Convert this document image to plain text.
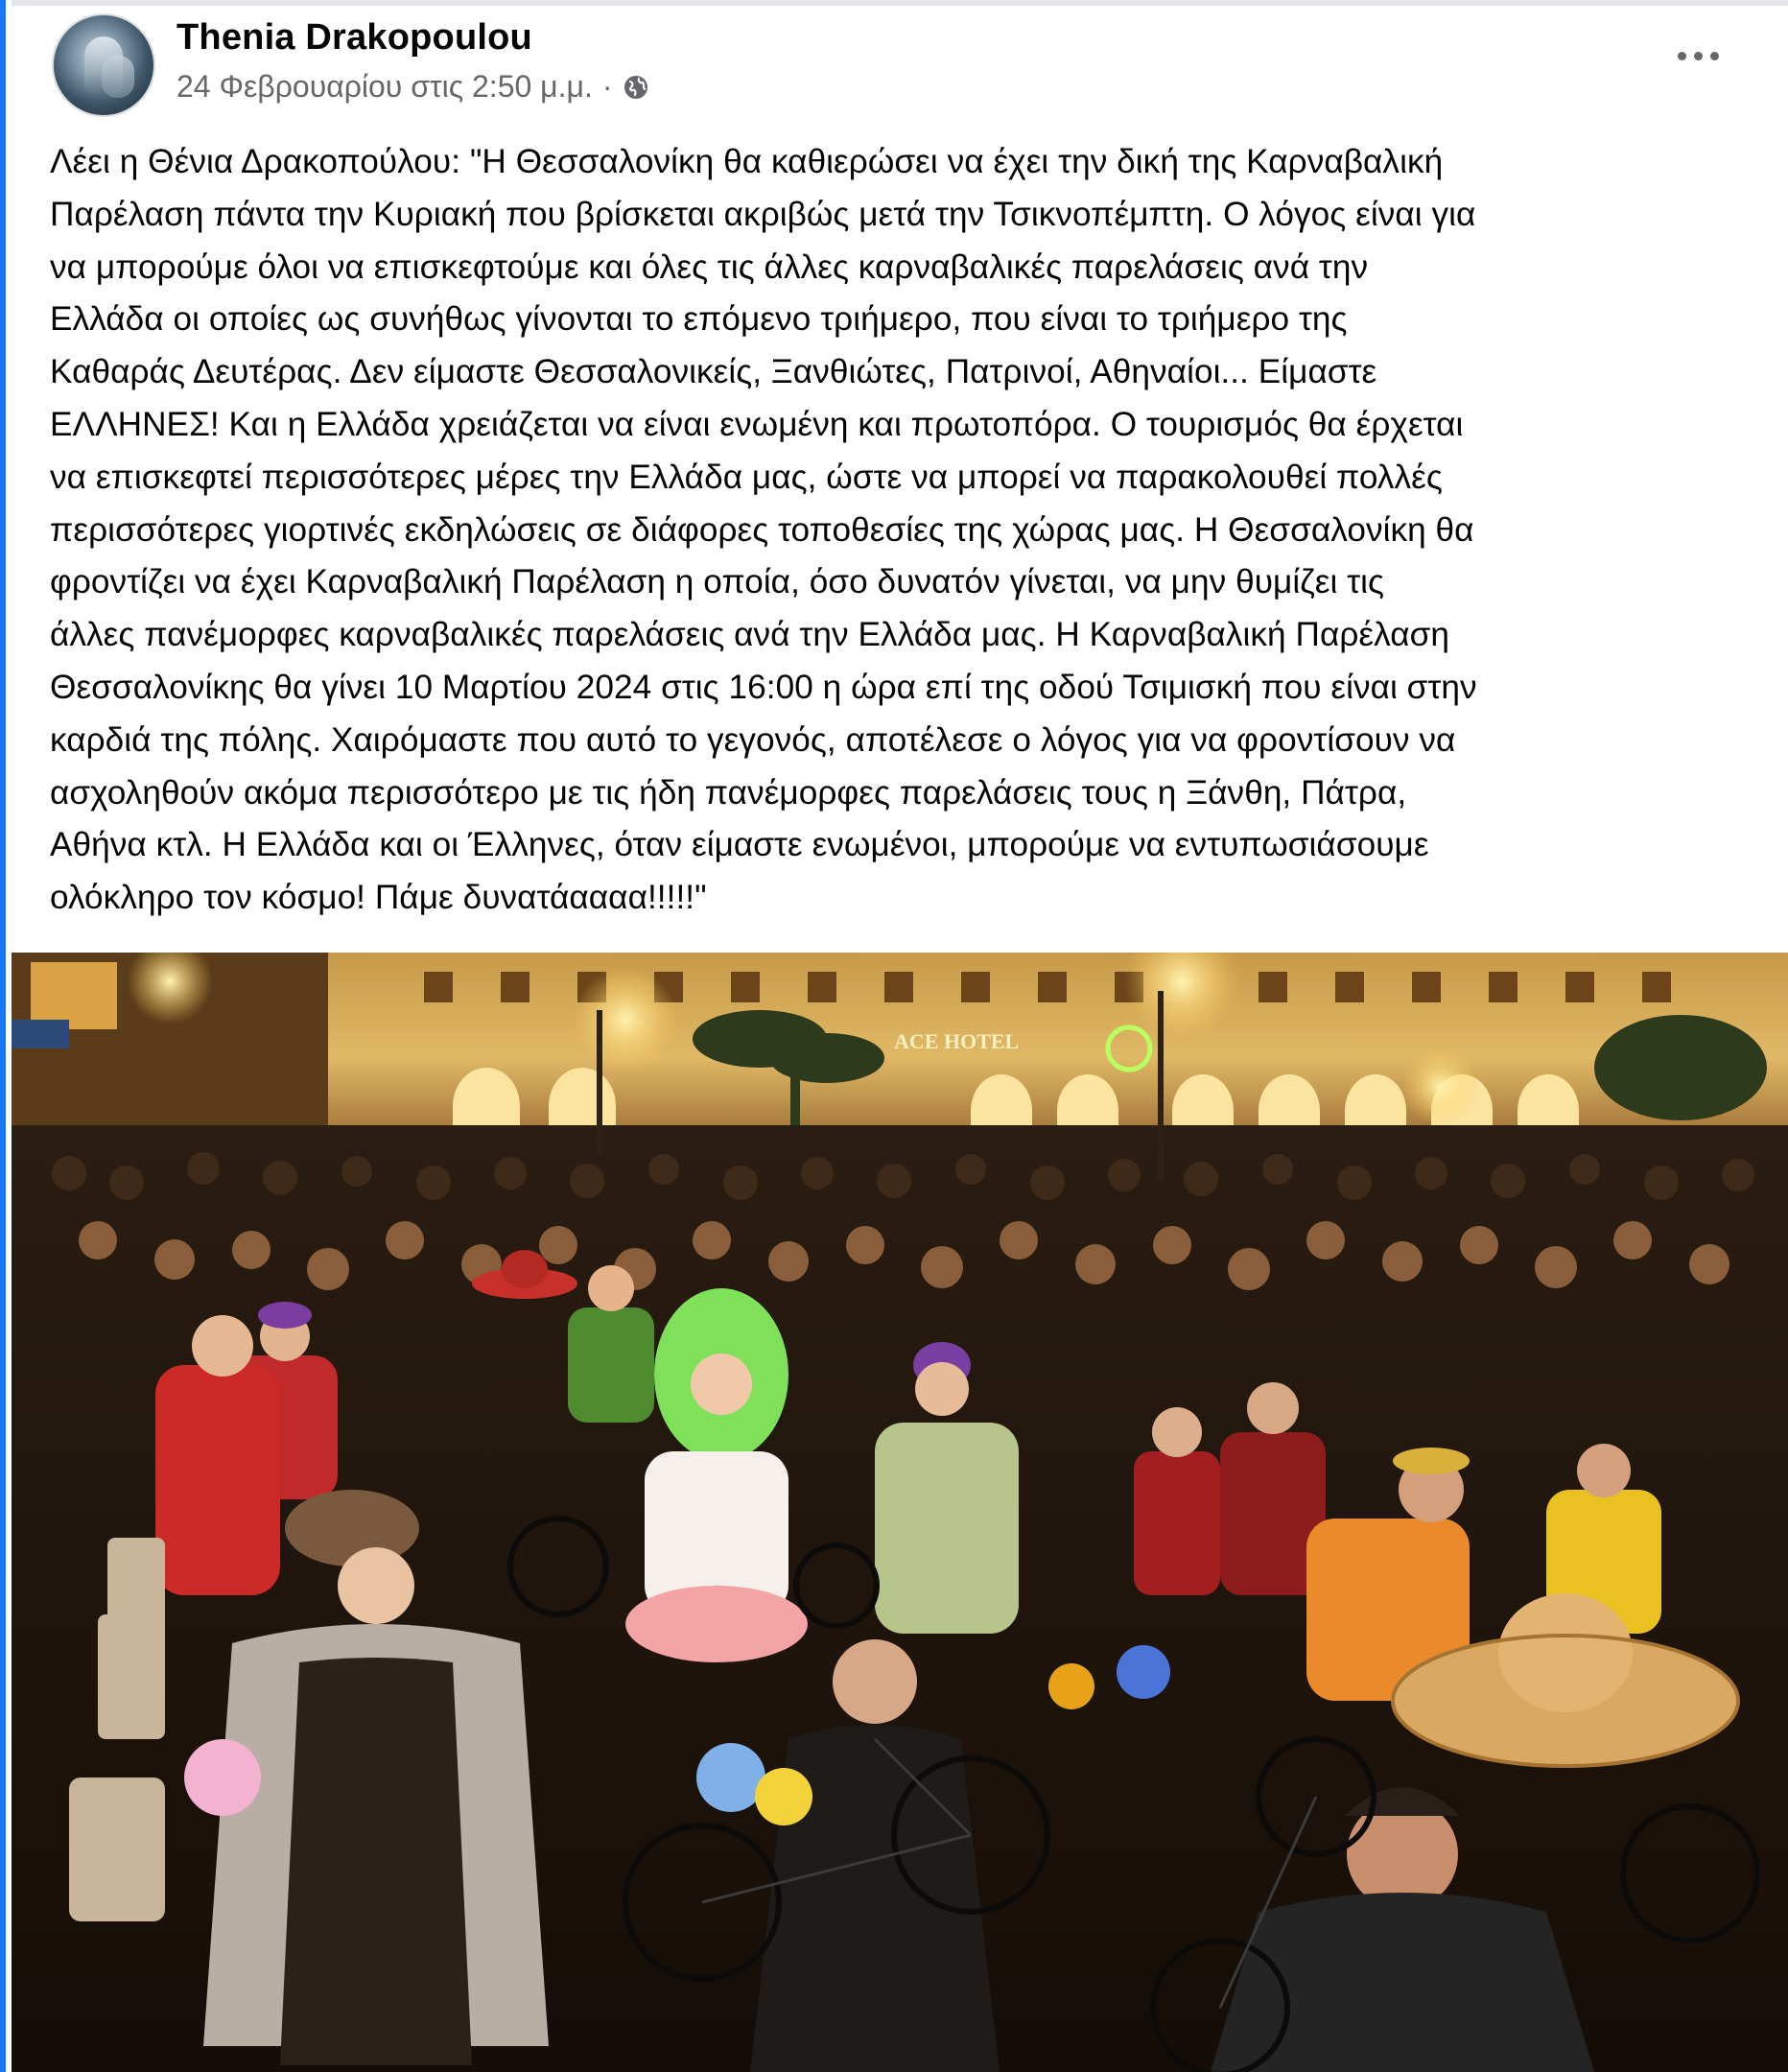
Thenia Drakopoulou
24 Φεβρουαρίου στις 2:50 μ.μ. ·
Λέει η Θένια Δρακοπούλου: "Η Θεσσαλονίκη θα καθιερώσει να έχει την δική της Καρναβαλική
Παρέλαση πάντα την Κυριακή που βρίσκεται ακριβώς μετά την Τσικνοπέμπτη. Ο λόγος είναι για
να μπορούμε όλοι να επισκεφτούμε και όλες τις άλλες καρναβαλικές παρελάσεις ανά την
Ελλάδα οι οποίες ως συνήθως γίνονται το επόμενο τριήμερο, που είναι το τριήμερο της
Καθαράς Δευτέρας. Δεν είμαστε Θεσσαλονικείς, Ξανθιώτες, Πατρινοί, Αθηναίοι... Είμαστε
ΕΛΛΗΝΕΣ! Και η Ελλάδα χρειάζεται να είναι ενωμένη και πρωτοπόρα. Ο τουρισμός θα έρχεται
να επισκεφτεί περισσότερες μέρες την Ελλάδα μας, ώστε να μπορεί να παρακολουθεί πολλές
περισσότερες γιορτινές εκδηλώσεις σε διάφορες τοποθεσίες της χώρας μας. Η Θεσσαλονίκη θα
φροντίζει να έχει Καρναβαλική Παρέλαση η οποία, όσο δυνατόν γίνεται, να μην θυμίζει τις
άλλες πανέμορφες καρναβαλικές παρελάσεις ανά την Ελλάδα μας. Η Καρναβαλική Παρέλαση
Θεσσαλονίκης θα γίνει 10 Μαρτίου 2024 στις 16:00 η ώρα επί της οδού Τσιμισκή που είναι στην
καρδιά της πόλης. Χαιρόμαστε που αυτό το γεγονός, αποτέλεσε ο λόγος για να φροντίσουν να
ασχοληθούν ακόμα περισσότερο με τις ήδη πανέμορφες παρελάσεις τους η Ξάνθη, Πάτρα,
Αθήνα κτλ. Η Ελλάδα και οι Έλληνες, όταν είμαστε ενωμένοι, μπορούμε να εντυπωσιάσουμε
ολόκληρο τον κόσμο! Πάμε δυνατάαααα!!!!!"
ACE HOTEL
